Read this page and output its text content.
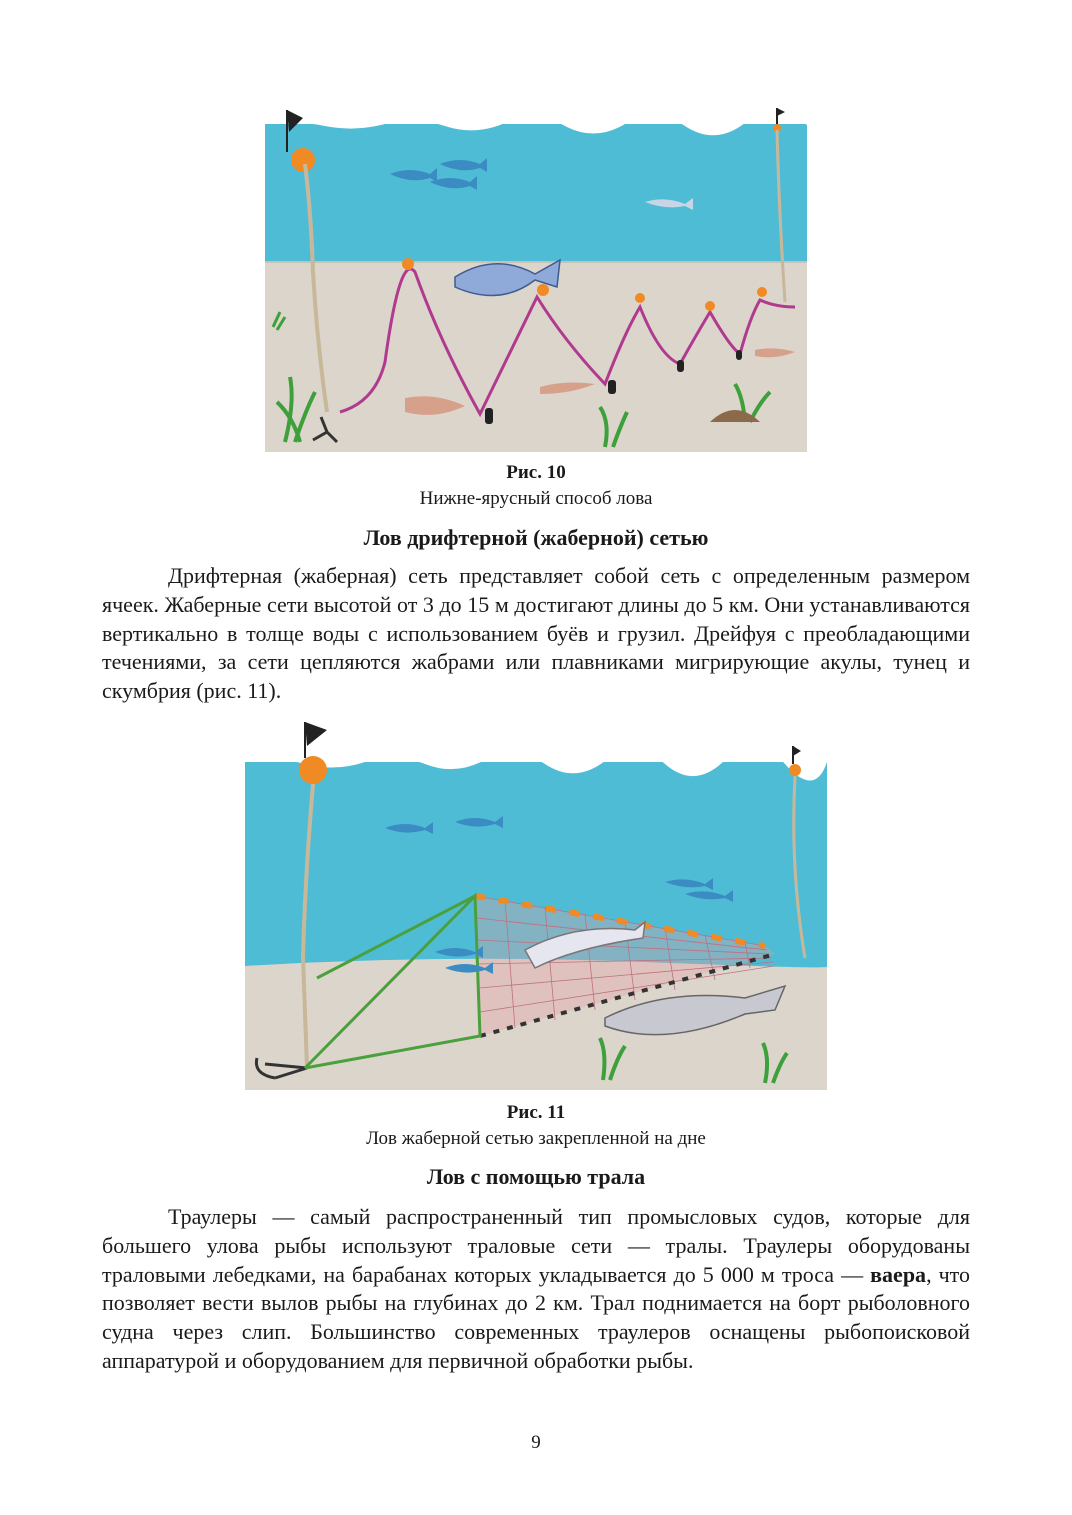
Рис. 10
Нижне-ярусный способ лова
Лов дрифтерной (жаберной) сетью

Дрифтерная (жаберная) сеть представляет собой сеть с определенным размером ячеек. Жаберные сети высотой от 3 до 15 м достигают длины до 5 км. Они устанавливаются вертикально в толще воды с использованием буёв и грузил. Дрейфуя с преобладающими течениями, за сети цепляются жабрами или плавниками мигрирующие акулы, тунец и скумбрия (рис. 11).

Рис. 11
Лов жаберной сетью закрепленной на дне
Лов с помощью трала

Траулеры — самый распространенный тип промысловых судов, которые для большего улова рыбы используют траловые сети — тралы. Траулеры оборудованы траловыми лебедками, на барабанах которых укладывается до 5 000 м троса — ваера, что позволяет вести вылов рыбы на глубинах до 2 км. Трал поднимается на борт рыболовного судна через слип. Большинство современных траулеров оснащены рыбопоисковой аппаратурой и оборудованием для первичной обработки рыбы.

9
